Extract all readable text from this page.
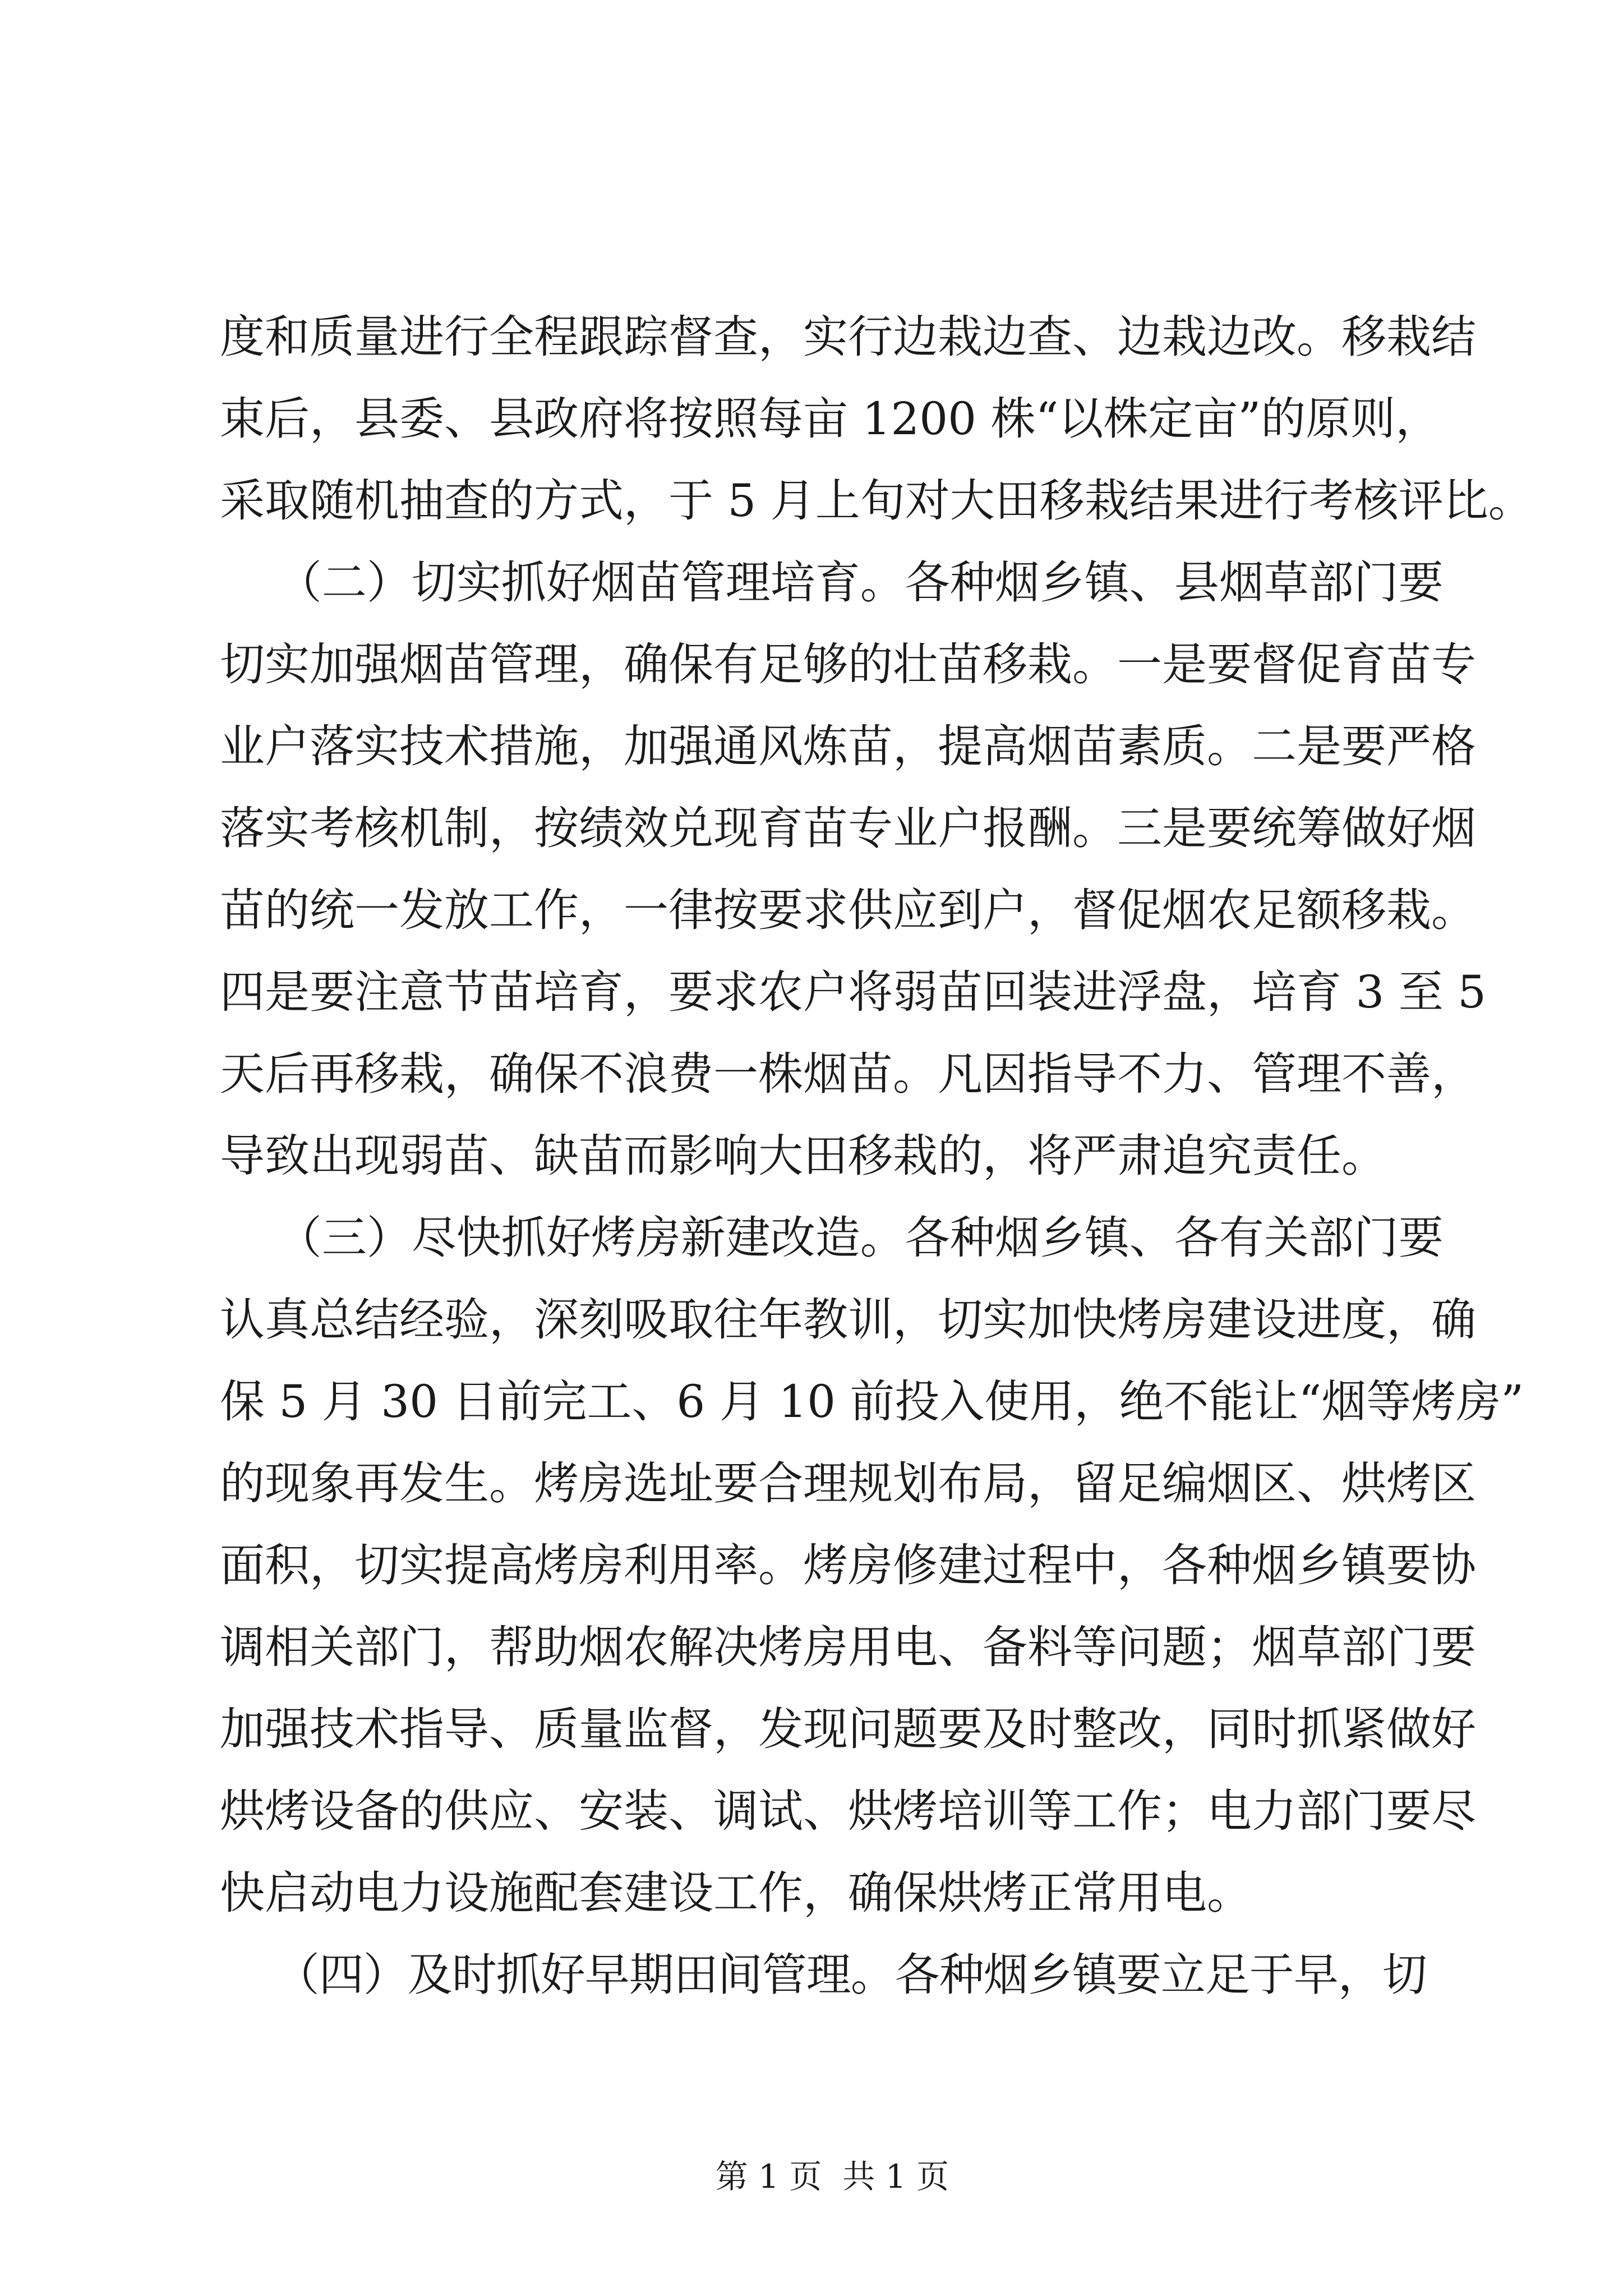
度和质量进行全程跟踪督查，实行边栽边查、边栽边改。移栽结
束后，县委、县政府将按照每亩 1200 株“以株定亩”的原则，
采取随机抽查的方式，于 5 月上旬对大田移栽结果进行考核评比。
（二）切实抓好烟苗管理培育。各种烟乡镇、县烟草部门要
切实加强烟苗管理，确保有足够的壮苗移栽。一是要督促育苗专
业户落实技术措施，加强通风炼苗，提高烟苗素质。二是要严格
落实考核机制，按绩效兑现育苗专业户报酬。三是要统筹做好烟
苗的统一发放工作，一律按要求供应到户，督促烟农足额移栽。
四是要注意节苗培育，要求农户将弱苗回装进浮盘，培育 3 至 5
天后再移栽，确保不浪费一株烟苗。凡因指导不力、管理不善，
导致出现弱苗、缺苗而影响大田移栽的，将严肃追究责任。
（三）尽快抓好烤房新建改造。各种烟乡镇、各有关部门要
认真总结经验，深刻吸取往年教训，切实加快烤房建设进度，确
保 5 月 30 日前完工、6 月 10 前投入使用，绝不能让“烟等烤房”
的现象再发生。烤房选址要合理规划布局，留足编烟区、烘烤区
面积，切实提高烤房利用率。烤房修建过程中，各种烟乡镇要协
调相关部门，帮助烟农解决烤房用电、备料等问题；烟草部门要
加强技术指导、质量监督，发现问题要及时整改，同时抓紧做好
烘烤设备的供应、安装、调试、烘烤培训等工作；电力部门要尽
快启动电力设施配套建设工作，确保烘烤正常用电。
（四）及时抓好早期田间管理。各种烟乡镇要立足于早，切

第 1 页  共 1 页
